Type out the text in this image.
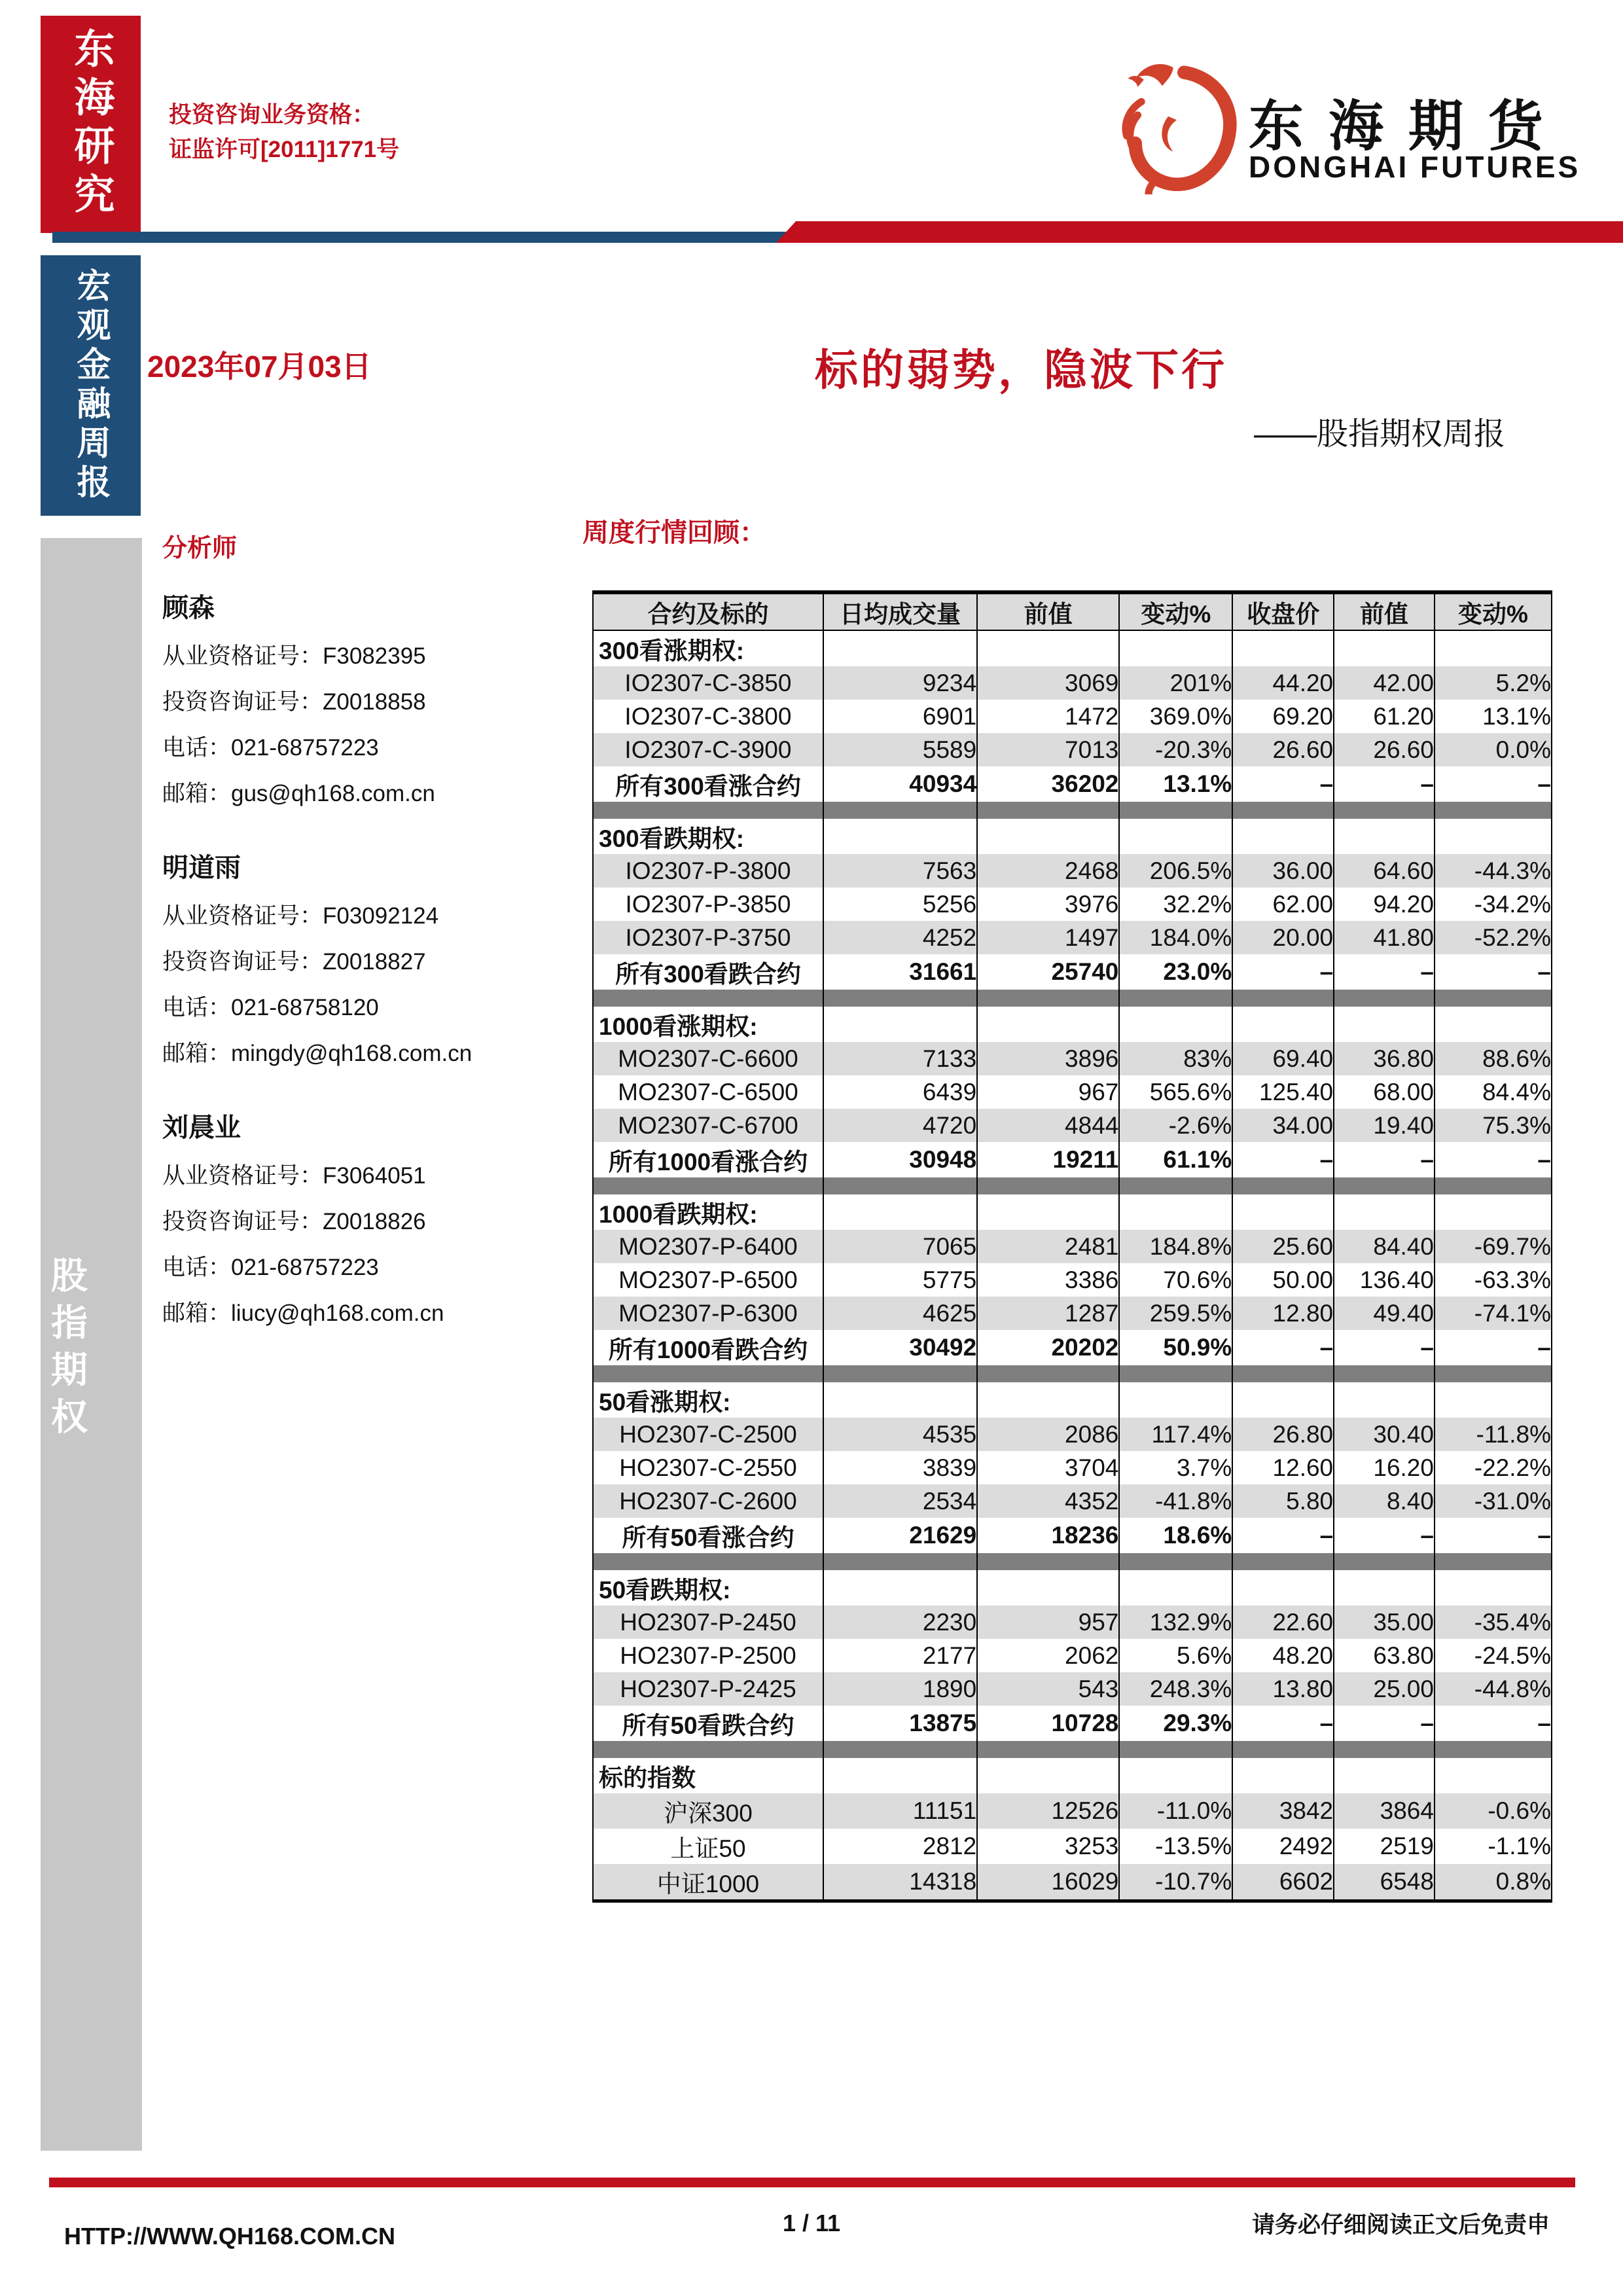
东海研究
宏观金融周报
股指期权
投资咨询业务资格：
证监许可[2011]1771号	东海期货
DONGHAI FUTURES
2023年07月03日	标的弱势，隐波下行
——股指期权周报
分析师
顾森
从业资格证号：F3082395
投资咨询证号：Z0018858
电话：021-68757223
邮箱：gus@qh168.com.cn
明道雨
从业资格证号：F03092124
投资咨询证号：Z0018827
电话：021-68758120
邮箱：mingdy@qh168.com.cn
刘晨业
从业资格证号：F3064051
投资咨询证号：Z0018826
电话：021-68757223
邮箱：liucy@qh168.com.cn
周度行情回顾：
合约及标的	日均成交量	前值	变动%	收盘价	前值	变动%
300看涨期权:						
IO2307-C-3850	9234	3069	201%	44.20	42.00	5.2%
IO2307-C-3800	6901	1472	369.0%	69.20	61.20	13.1%
IO2307-C-3900	5589	7013	-20.3%	26.60	26.60	0.0%
所有300看涨合约	40934	36202	13.1%	–	–	–

300看跌期权:						
IO2307-P-3800	7563	2468	206.5%	36.00	64.60	-44.3%
IO2307-P-3850	5256	3976	32.2%	62.00	94.20	-34.2%
IO2307-P-3750	4252	1497	184.0%	20.00	41.80	-52.2%
所有300看跌合约	31661	25740	23.0%	–	–	–

1000看涨期权:						
MO2307-C-6600	7133	3896	83%	69.40	36.80	88.6%
MO2307-C-6500	6439	967	565.6%	125.40	68.00	84.4%
MO2307-C-6700	4720	4844	-2.6%	34.00	19.40	75.3%
所有1000看涨合约	30948	19211	61.1%	–	–	–

1000看跌期权:						
MO2307-P-6400	7065	2481	184.8%	25.60	84.40	-69.7%
MO2307-P-6500	5775	3386	70.6%	50.00	136.40	-63.3%
MO2307-P-6300	4625	1287	259.5%	12.80	49.40	-74.1%
所有1000看跌合约	30492	20202	50.9%	–	–	–

50看涨期权:						
HO2307-C-2500	4535	2086	117.4%	26.80	30.40	-11.8%
HO2307-C-2550	3839	3704	3.7%	12.60	16.20	-22.2%
HO2307-C-2600	2534	4352	-41.8%	5.80	8.40	-31.0%
所有50看涨合约	21629	18236	18.6%	–	–	–

50看跌期权:						
HO2307-P-2450	2230	957	132.9%	22.60	35.00	-35.4%
HO2307-P-2500	2177	2062	5.6%	48.20	63.80	-24.5%
HO2307-P-2425	1890	543	248.3%	13.80	25.00	-44.8%
所有50看跌合约	13875	10728	29.3%	–	–	–

标的指数						
沪深300	11151	12526	-11.0%	3842	3864	-0.6%
上证50	2812	3253	-13.5%	2492	2519	-1.1%
中证1000	14318	16029	-10.7%	6602	6548	0.8%
HTTP://WWW.QH168.COM.CN	1 / 11	请务必仔细阅读正文后免责申
